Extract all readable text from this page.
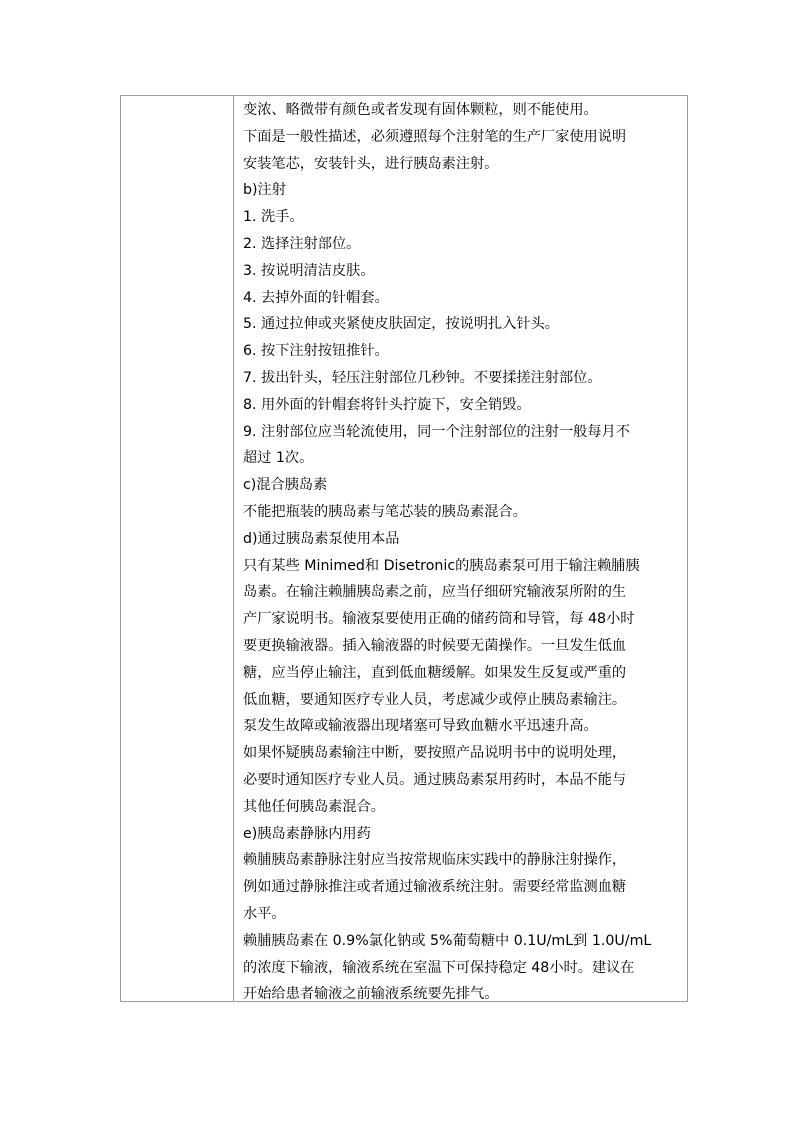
变浓、略微带有颜色或者发现有固体颗粒，则不能使用。
下面是一般性描述，必须遵照每个注射笔的生产厂家使用说明
安装笔芯，安装针头，进行胰岛素注射。
b)注射
1. 洗手。
2. 选择注射部位。
3. 按说明清洁皮肤。
4. 去掉外面的针帽套。
5. 通过拉伸或夹紧使皮肤固定，按说明扎入针头。
6. 按下注射按钮推针。
7. 拔出针头，轻压注射部位几秒钟。不要揉搓注射部位。
8. 用外面的针帽套将针头拧旋下，安全销毁。
9. 注射部位应当轮流使用，同一个注射部位的注射一般每月不
超过 1次。
c)混合胰岛素
不能把瓶装的胰岛素与笔芯装的胰岛素混合。
d)通过胰岛素泵使用本品
只有某些 Minimed和 Disetronic的胰岛素泵可用于输注赖脯胰
岛素。在输注赖脯胰岛素之前，应当仔细研究输液泵所附的生
产厂家说明书。输液泵要使用正确的储药筒和导管，每 48小时
要更换输液器。插入输液器的时候要无菌操作。一旦发生低血
糖，应当停止输注，直到低血糖缓解。如果发生反复或严重的
低血糖，要通知医疗专业人员，考虑减少或停止胰岛素输注。
泵发生故障或输液器出现堵塞可导致血糖水平迅速升高。
如果怀疑胰岛素输注中断，要按照产品说明书中的说明处理，
必要时通知医疗专业人员。通过胰岛素泵用药时，本品不能与
其他任何胰岛素混合。
e)胰岛素静脉内用药
赖脯胰岛素静脉注射应当按常规临床实践中的静脉注射操作，
例如通过静脉推注或者通过输液系统注射。需要经常监测血糖
水平。
赖脯胰岛素在 0.9%氯化钠或 5%葡萄糖中 0.1U/mL到 1.0U/mL
的浓度下输液，输液系统在室温下可保持稳定 48小时。建议在
开始给患者输液之前输液系统要先排气。
